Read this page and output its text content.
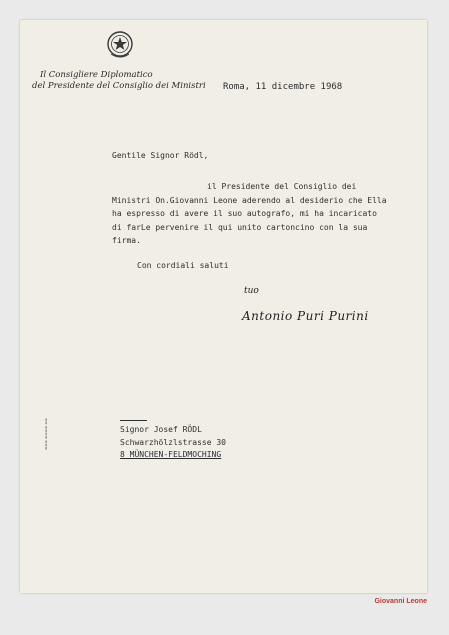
Il Consigliere Diplomatico
del Presidente del Consiglio dei Ministri Roma, 11 dicembre 1968
Gentile Signor Rödl,
il Presidente del Consiglio dei
Ministri On.Giovanni Leone aderendo al desiderio che Ella
ha espresso di avere il suo autografo, mi ha incaricato
di farLe pervenire il qui unito cartoncino con la sua
firma.
Con cordiali saluti
tuo
Antonio Puri Purini
Signor Josef RÖDL
Schwarzhölzlstrasse 30
8 MÜNCHEN-FELDMOCHING
▬▬▬ ▬▬▬▬ ▬▬
Giovanni Leone
